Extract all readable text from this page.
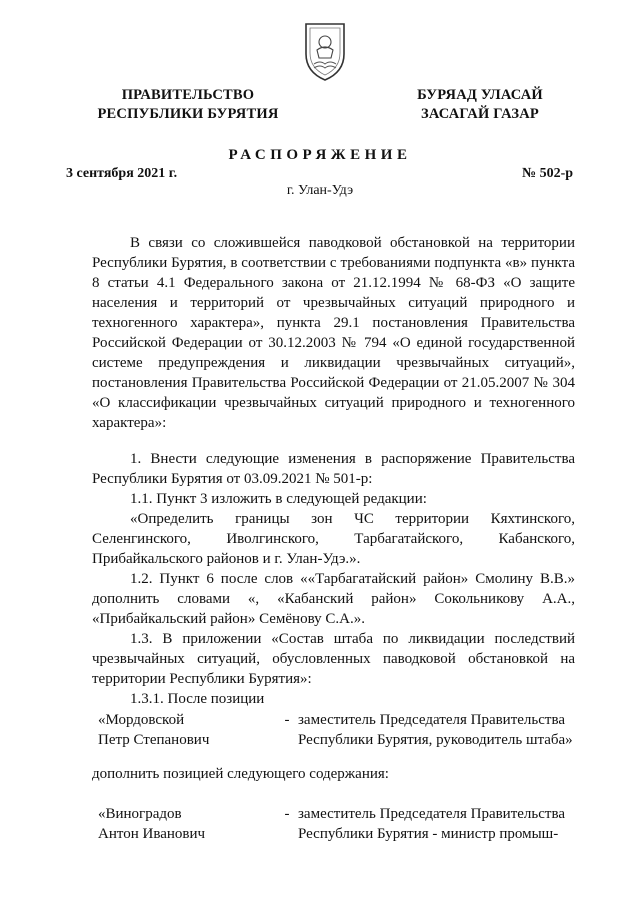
ПРАВИТЕЛЬСТВО
РЕСПУБЛИКИ БУРЯТИЯ
БУРЯАД УЛАСАЙ
ЗАСАГАЙ ГАЗАР
РАСПОРЯЖЕНИЕ
3 сентября 2021 г.	№ 502-р
г. Улан-Удэ

В связи со сложившейся паводковой обстановкой на территории Республики Бурятия, в соответствии с требованиями подпункта «в» пункта 8 статьи 4.1 Федерального закона от 21.12.1994 № 68-ФЗ «О защите населения и территорий от чрезвычайных ситуаций природного и техногенного характера», пункта 29.1 постановления Правительства Российской Федерации от 30.12.2003 № 794 «О единой государственной системе предупреждения и ликвидации чрезвычайных ситуаций», постановления Правительства Российской Федерации от 21.05.2007 № 304 «О классификации чрезвычайных ситуаций природного и техногенного характера»:

1. Внести следующие изменения в распоряжение Правительства Республики Бурятия от 03.09.2021 № 501-р:

1.1. Пункт 3 изложить в следующей редакции:

«Определить границы зон ЧС территории Кяхтинского, Селенгинского, Иволгинского, Тарбагатайского, Кабанского, Прибайкальского районов и г. Улан-Удэ.».

1.2. Пункт 6 после слов ««Тарбагатайский район» Смолину В.В.» дополнить словами «, «Кабанский район» Сокольникову А.А., «Прибайкальский район» Семёнову С.А.».

1.3. В приложении «Состав штаба по ликвидации последствий чрезвычайных ситуаций, обусловленных паводковой обстановкой на территории Республики Бурятия»:

1.3.1. После позиции

«Мордовской	- заместитель Председателя Правительства
Петр Степанович	Республики Бурятия, руководитель штаба»
дополнить позицией следующего содержания:
«Виноградов	- заместитель Председателя Правительства
Антон Иванович	Республики Бурятия - министр промыш-
